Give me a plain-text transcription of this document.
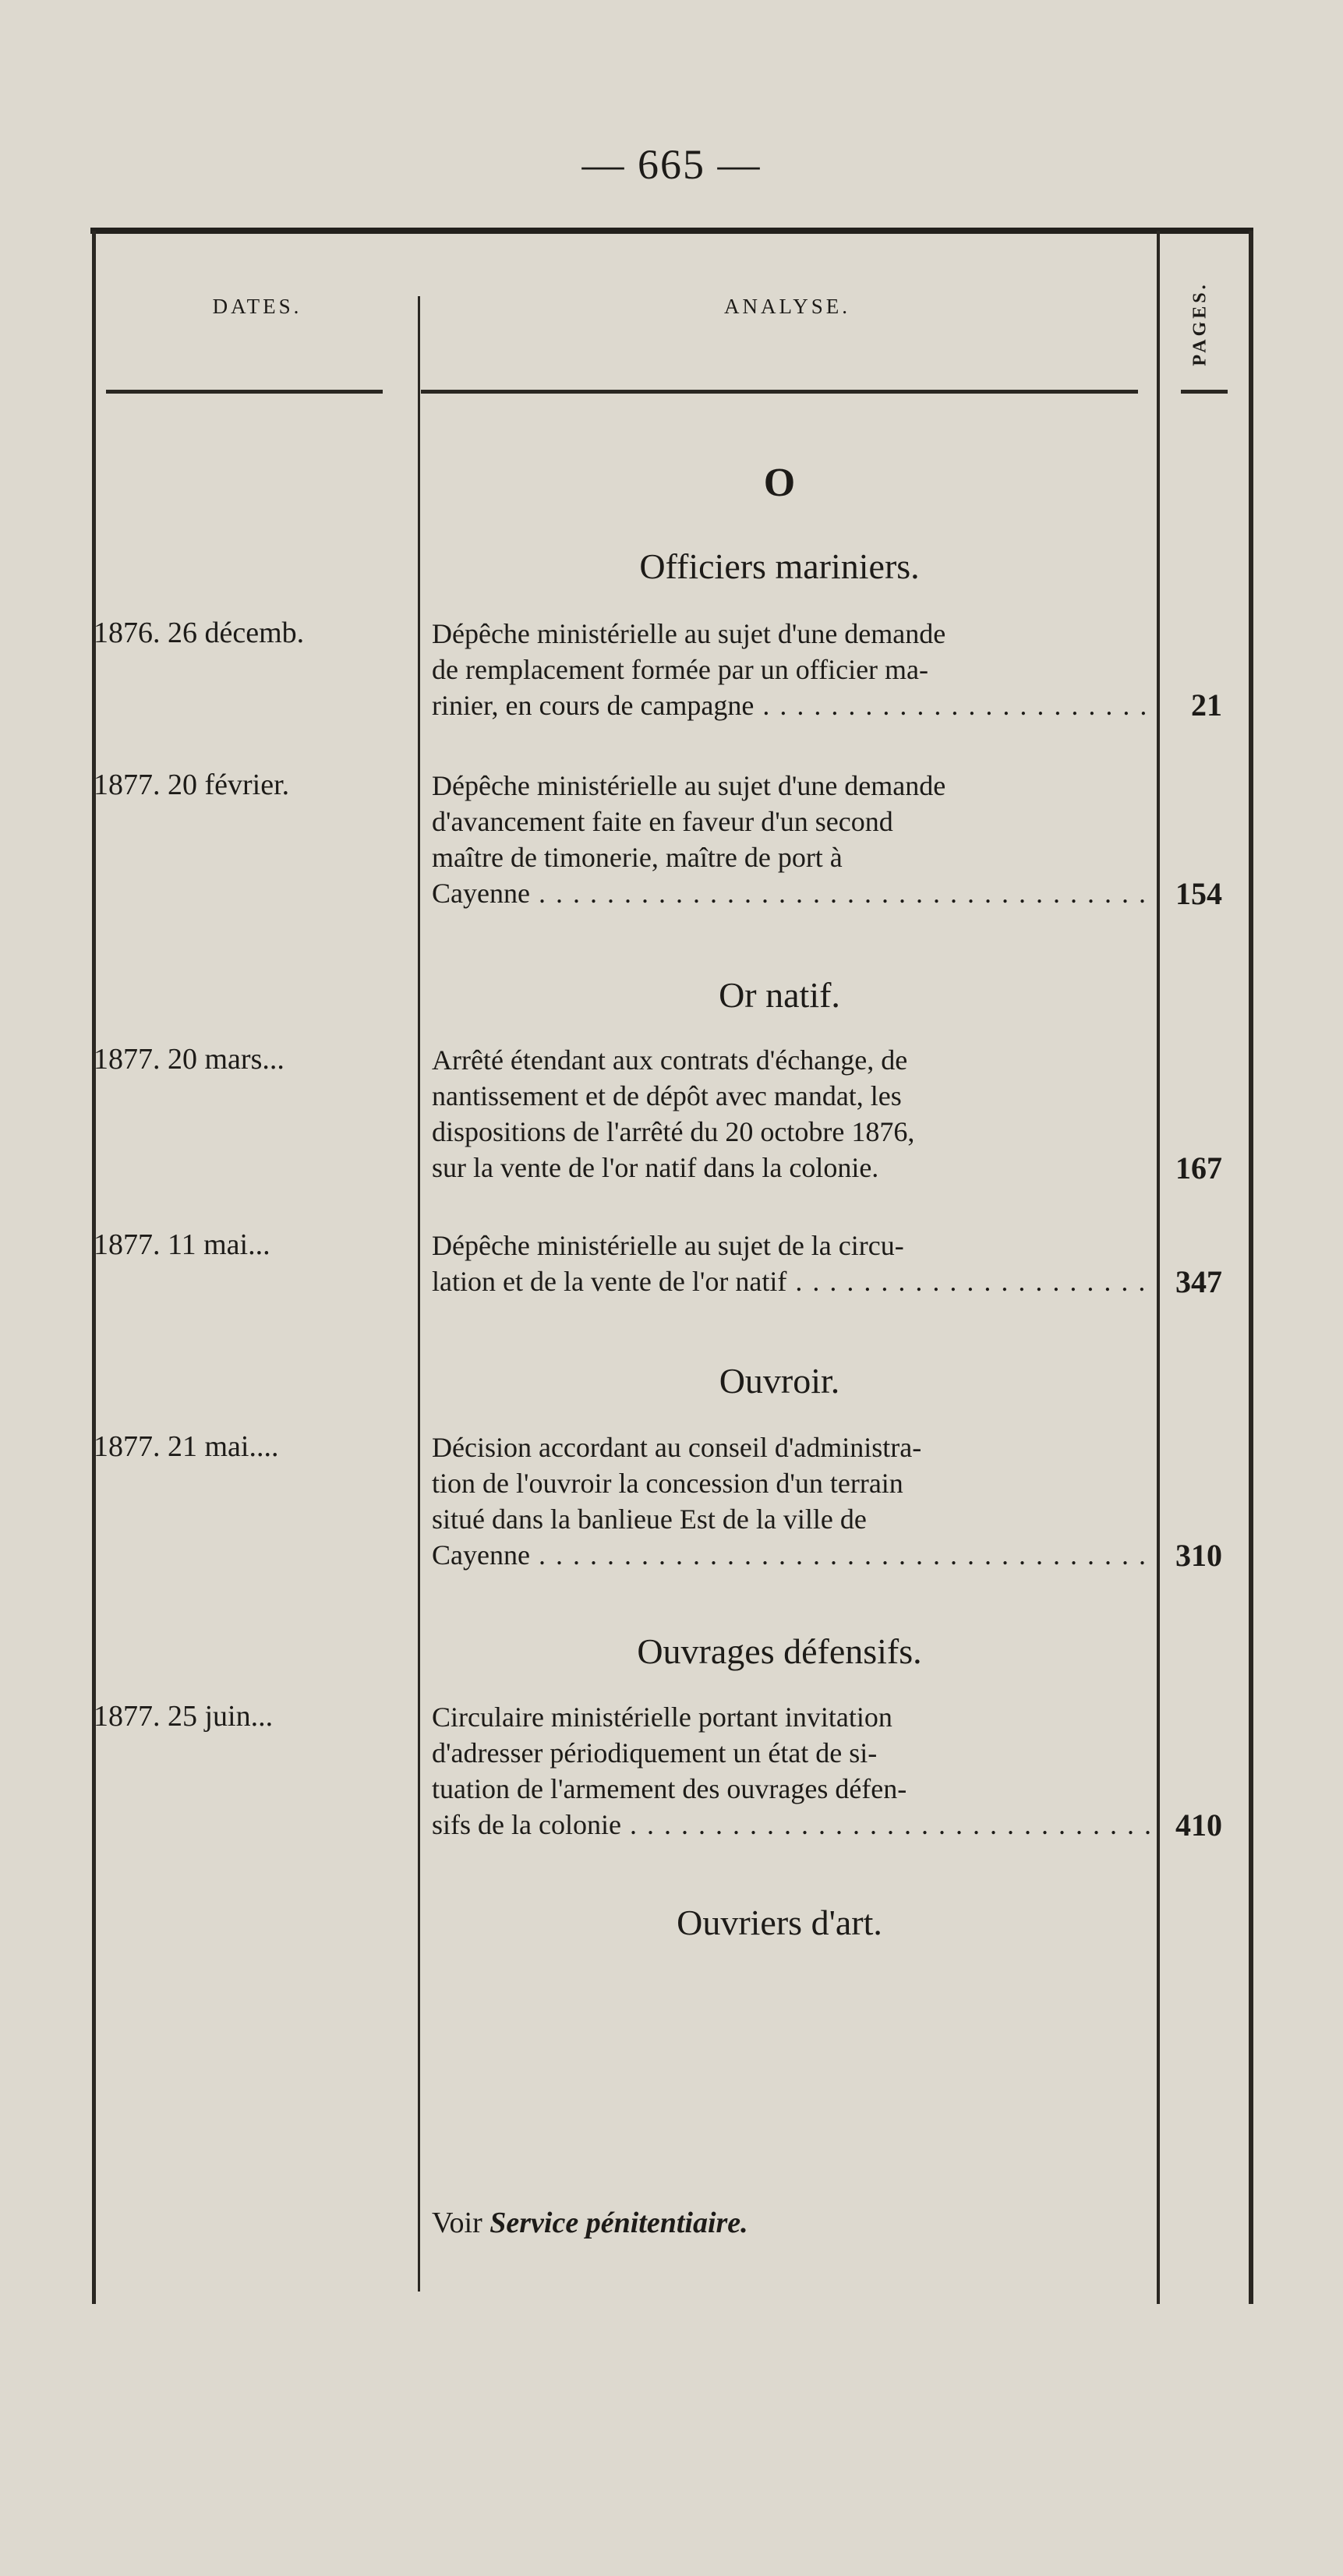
— 665 —
DATES.	ANALYSE.	PAGES.
O
Officiers mariniers.
1876. 26 décemb.	Dépêche ministérielle au sujet d'une demande
de remplacement formée par un officier ma-
rinier, en cours de campagne . . .	21
1877. 20 février.	Dépêche ministérielle au sujet d'une demande
d'avancement faite en faveur d'un second
maître de timonerie, maître de port à
Cayenne . . .	154
Or natif.
1877. 20 mars...	Arrêté étendant aux contrats d'échange, de
nantissement et de dépôt avec mandat, les
dispositions de l'arrêté du 20 octobre 1876,
sur la vente de l'or natif dans la colonie.	167
1877. 11 mai...	Dépêche ministérielle au sujet de la circu-
lation et de la vente de l'or natif . . .	347
Ouvroir.
1877. 21 mai....	Décision accordant au conseil d'administra-
tion de l'ouvroir la concession d'un terrain
situé dans la banlieue Est de la ville de
Cayenne . . .	310
Ouvrages défensifs.
1877. 25 juin...	Circulaire ministérielle portant invitation
d'adresser périodiquement un état de si-
tuation de l'armement des ouvrages défen-
sifs de la colonie . . .	410
Ouvriers d'art.
Voir Service pénitentiaire.
